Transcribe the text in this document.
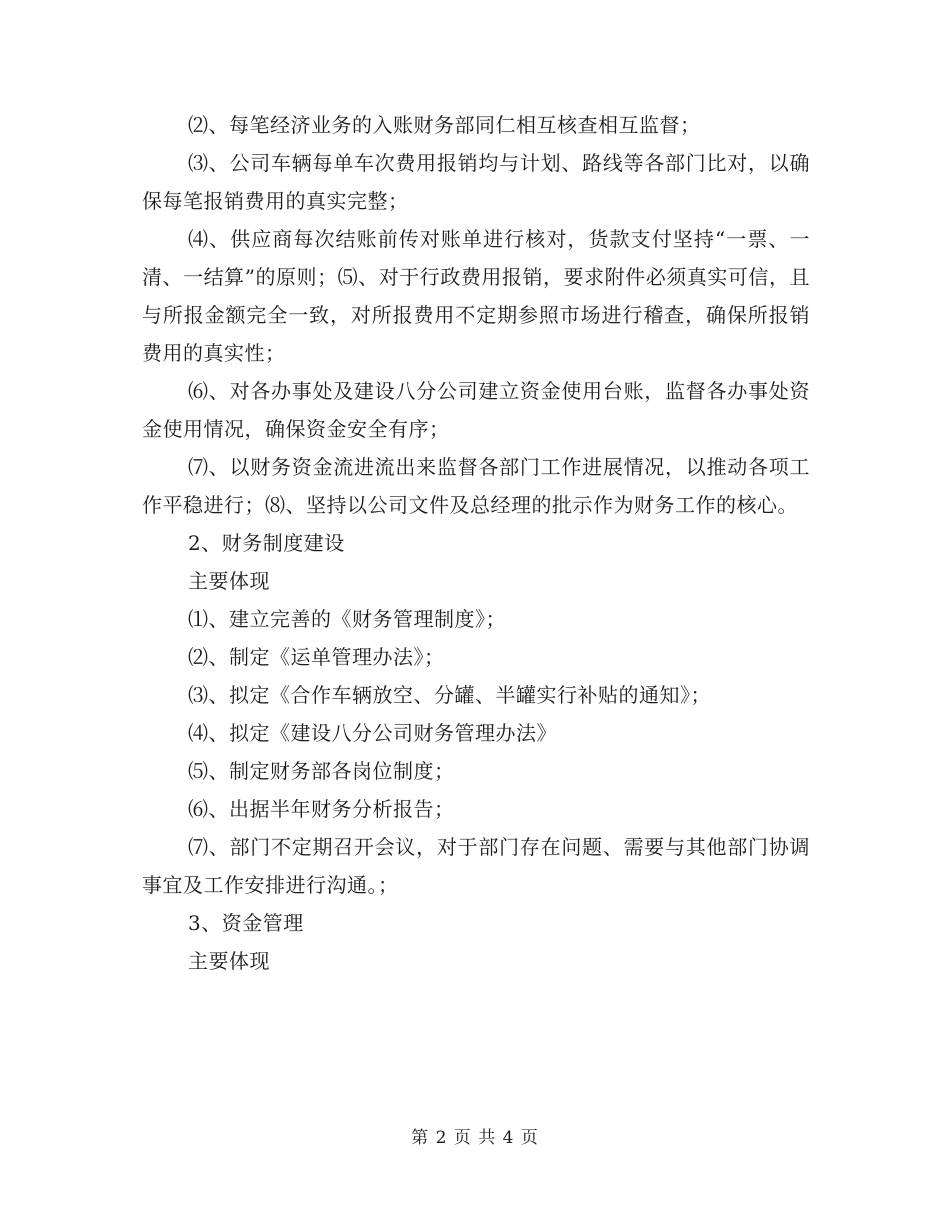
⑵、每笔经济业务的入账财务部同仁相互核查相互监督；

⑶、公司车辆每单车次费用报销均与计划、路线等各部门比对，以确保每笔报销费用的真实完整；

⑷、供应商每次结账前传对账单进行核对，货款支付坚持“一票、一清、一结算”的原则；⑸、对于行政费用报销，要求附件必须真实可信，且与所报金额完全一致，对所报费用不定期参照市场进行稽查，确保所报销费用的真实性；

⑹、对各办事处及建设八分公司建立资金使用台账，监督各办事处资金使用情况，确保资金安全有序；

⑺、以财务资金流进流出来监督各部门工作进展情况，以推动各项工作平稳进行；⑻、坚持以公司文件及总经理的批示作为财务工作的核心。

2、财务制度建设

主要体现

⑴、建立完善的《财务管理制度》；

⑵、制定《运单管理办法》；

⑶、拟定《合作车辆放空、分罐、半罐实行补贴的通知》；

⑷、拟定《建设八分公司财务管理办法》

⑸、制定财务部各岗位制度；

⑹、出据半年财务分析报告；

⑺、部门不定期召开会议，对于部门存在问题、需要与其他部门协调事宜及工作安排进行沟通。；

3、资金管理

主要体现

第 2 页 共 4 页
